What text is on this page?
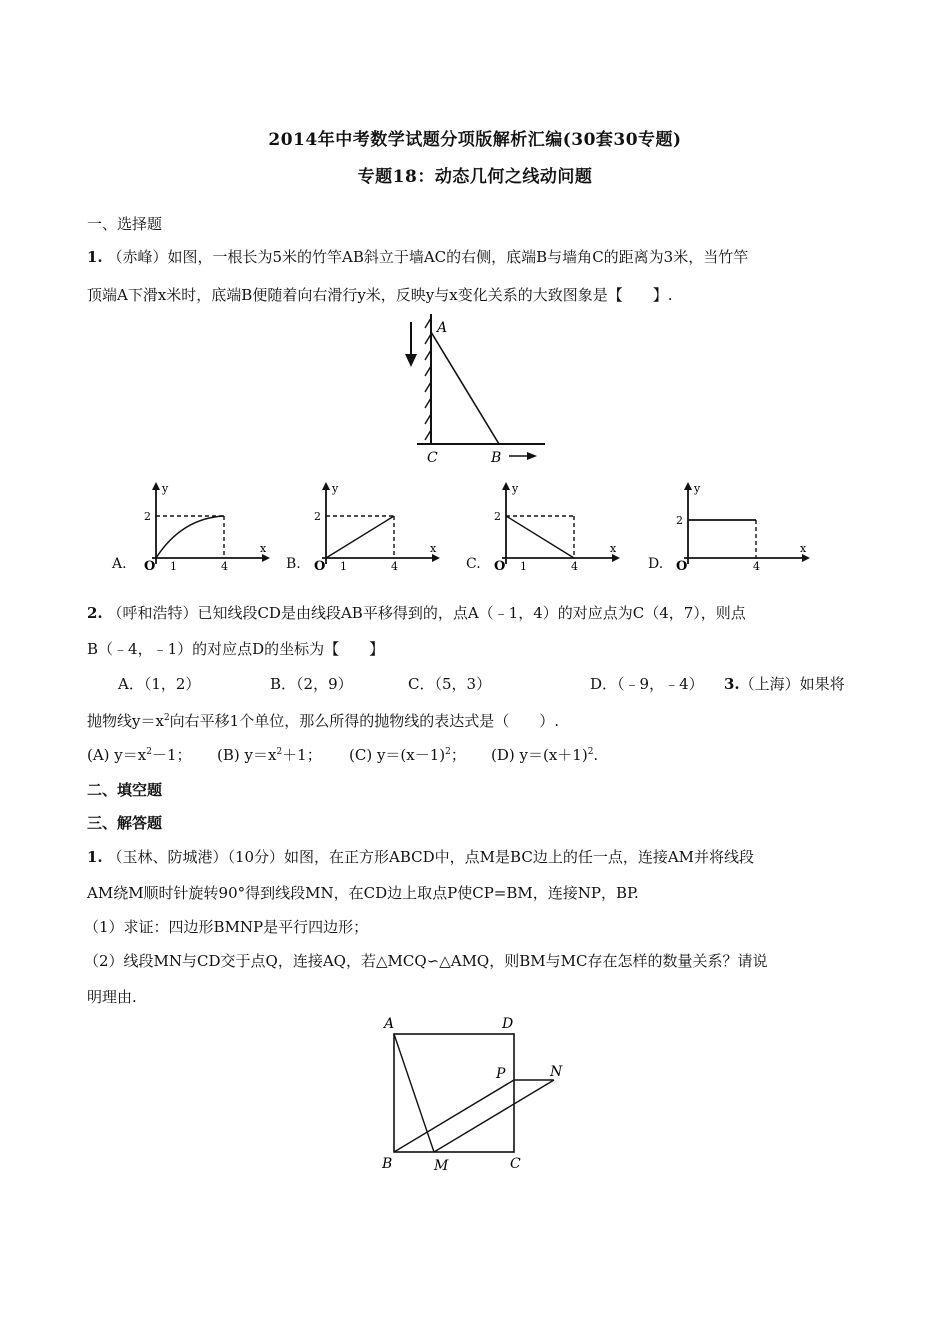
2014年中考数学试题分项版解析汇编(30套30专题)
专题18：动态几何之线动问题
一、选择题
1. （赤峰）如图，一根长为5米的竹竿AB斜立于墙AC的右侧，底端B与墙角C的距离为3米，当竹竿
顶端A下滑x米时，底端B便随着向右滑行y米，反映y与x变化关系的大致图象是【　　】.
A
C	B
A.
y
2
O 1	4
x
B.
y
2
O 1	4
x
C.
y
2
O 1	4
x
D.
y
2
O	4
x
2. （呼和浩特）已知线段CD是由线段AB平移得到的，点A（﹣1，4）的对应点为C（4，7），则点
B（﹣4，﹣1）的对应点D的坐标为【　　】
A．（1，2）	B．（2，9）	C．（5，3）	D．（﹣9，﹣4） 3.（上海）如果将
抛物线$y=x^2$向右平移1个单位，那么所得的抛物线的表达式是（　　）.
(A) $y=x^2-1$； (B) $y=x^2+1$； (C) $y=(x-1)^2$； (D) $y=(x+1)^2$.
二、填空题
三、解答题
1. （玉林、防城港）（10分）如图，在正方形ABCD中，点M是BC边上的任一点，连接AM并将线段
AM绕M顺时针旋转90°得到线段MN，在CD边上取点P使CP=BM，连接NP，BP.
（1）求证：四边形BMNP是平行四边形；
（2）线段MN与CD交于点Q，连接AQ，若△MCQ∽△AMQ，则BM与MC存在怎样的数量关系？请说
明理由.
A	D
P	N
B	M	C
